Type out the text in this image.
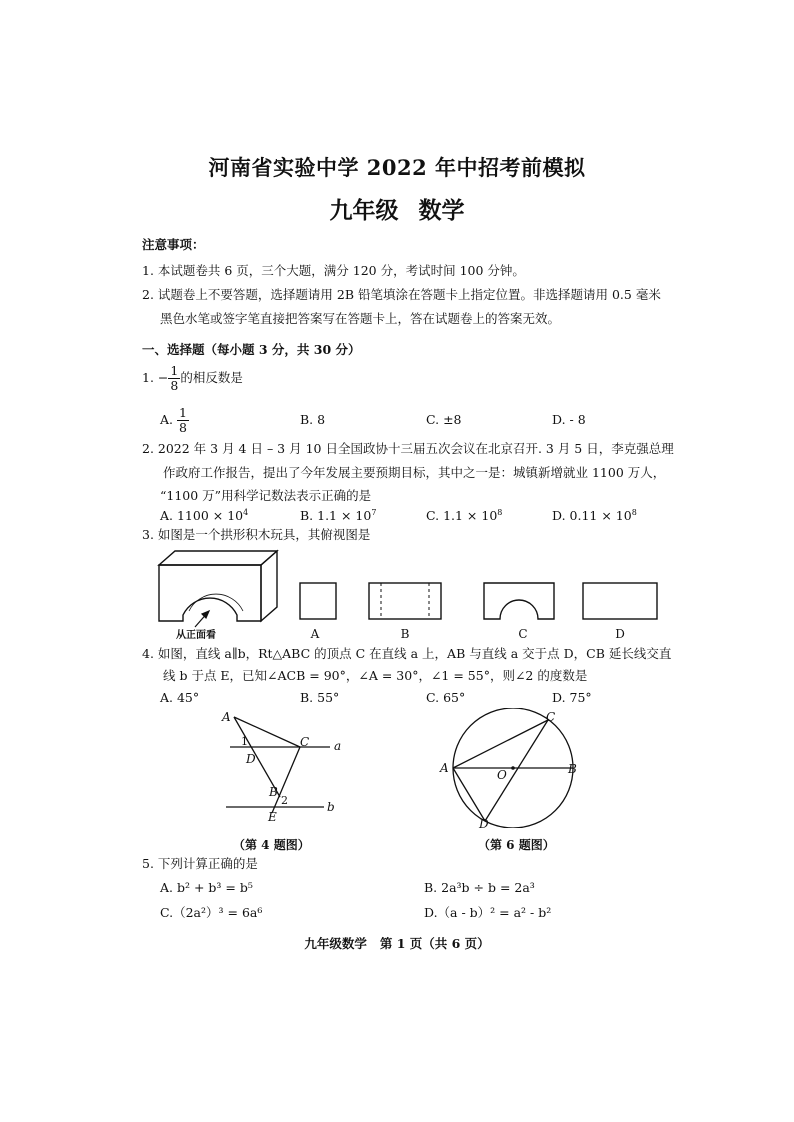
河南省实验中学 2022 年中招考前模拟
九年级 数学
注意事项：
1. 本试题卷共 6 页，三个大题，满分 120 分，考试时间 100 分钟。
2. 试题卷上不要答题，选择题请用 2B 铅笔填涂在答题卡上指定位置。非选择题请用 0.5 毫米
黑色水笔或签字笔直接把答案写在答题卡上，答在试题卷上的答案无效。
一、选择题（每小题 3 分，共 30 分）
1. − $\frac{1}{8}$ 的相反数是
A. $\frac{1}{8}$	B. 8	C. ±8	D. - 8
2. 2022 年 3 月 4 日 – 3 月 10 日全国政协十三届五次会议在北京召开. 3 月 5 日，李克强总理
作政府工作报告，提出了今年发展主要预期目标，其中之一是：城镇新增就业 1100 万人，
“1100 万”用科学记数法表示正确的是
A. $1100 \times 10^4$	B. $1.1 \times 10^7$	C. $1.1 \times 10^8$	D. $0.11 \times 10^8$
3. 如图是一个拱形积木玩具，其俯视图是
从正面看	A	B	C	D
4. 如图，直线 a∥b，Rt△ABC 的顶点 C 在直线 a 上，AB 与直线 a 交于点 D，CB 延长线交直
线 b 于点 E，已知∠ACB = 90°，∠A = 30°，∠1 = 55°，则∠2 的度数是
A. 45°	B. 55°	C. 65°	D. 75°
A
C
D
B
E
a
b
1
2
（第 4 题图）
A	O	B
C
D
（第 6 题图）
5. 下列计算正确的是
A. b² + b³ = b⁵	B. 2a³b ÷ b = 2a³
C.（2a²）³ = 6a⁶	D.（a - b）² = a² - b²
九年级数学   第 1 页（共 6 页）
